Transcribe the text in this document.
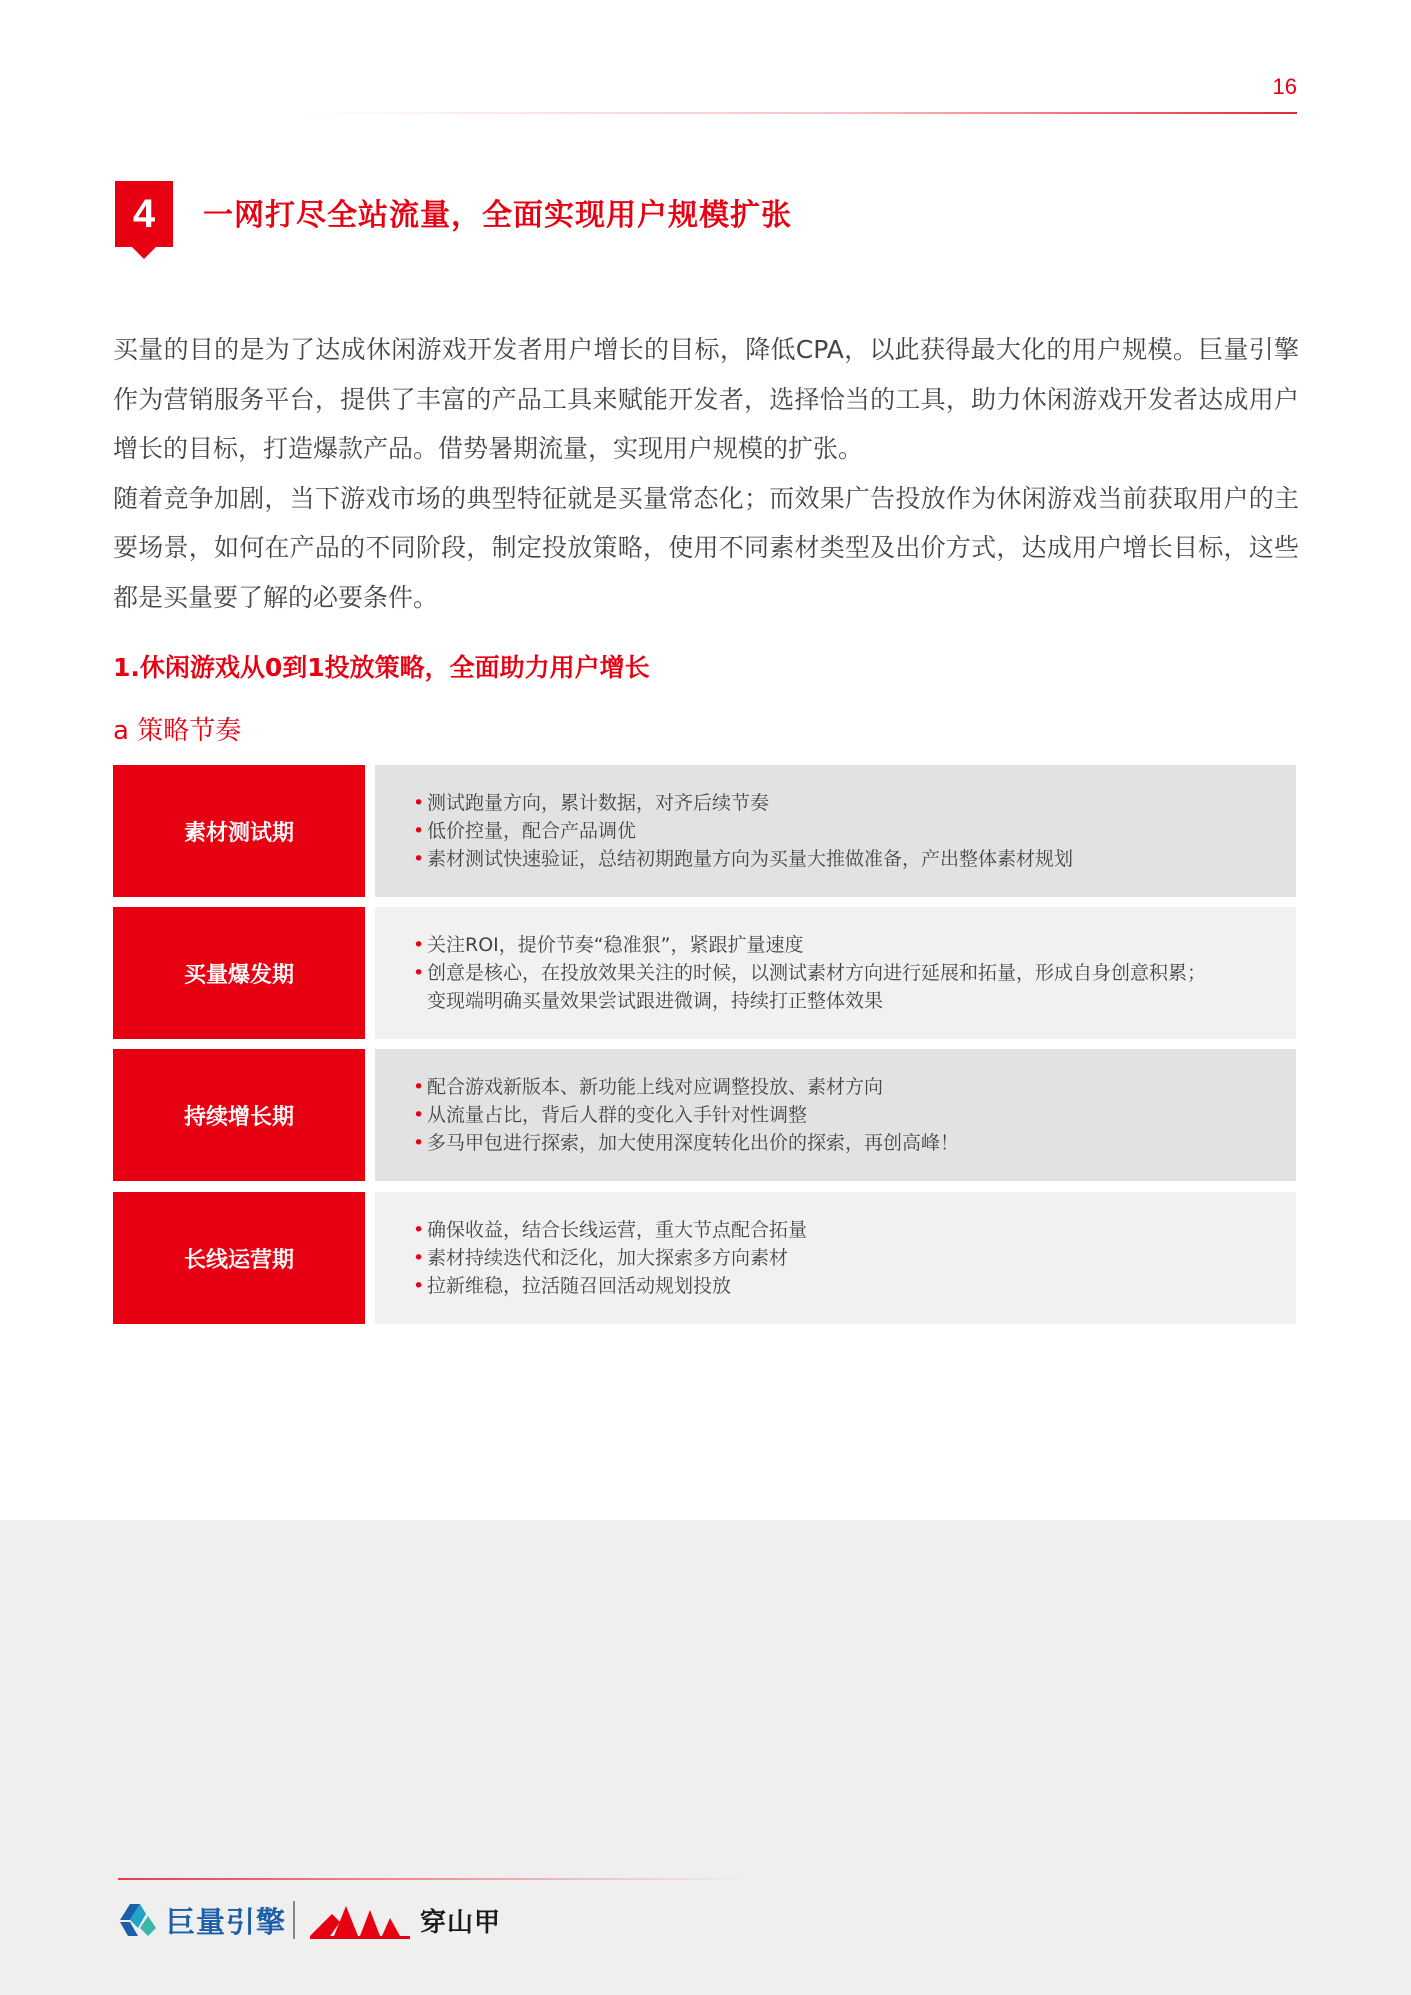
16
4	一网打尽全站流量，全面实现用户规模扩张

买量的目的是为了达成休闲游戏开发者用户增长的目标，降低CPA，以此获得最大化的用户规模。巨量引擎作为营销服务平台，提供了丰富的产品工具来赋能开发者，选择恰当的工具，助力休闲游戏开发者达成用户增长的目标，打造爆款产品。借势暑期流量，实现用户规模的扩张。

随着竞争加剧，当下游戏市场的典型特征就是买量常态化；而效果广告投放作为休闲游戏当前获取用户的主要场景，如何在产品的不同阶段，制定投放策略，使用不同素材类型及出价方式，达成用户增长目标，这些都是买量要了解的必要条件。

1.休闲游戏从0到1投放策略，全面助力用户增长
a 策略节奏
素材测试期
• 测试跑量方向，累计数据，对齐后续节奏
• 低价控量，配合产品调优
• 素材测试快速验证，总结初期跑量方向为买量大推做准备，产出整体素材规划
买量爆发期
• 关注ROI，提价节奏“稳准狠”，紧跟扩量速度
• 创意是核心，在投放效果关注的时候，以测试素材方向进行延展和拓量，形成自身创意积累；
变现端明确买量效果尝试跟进微调，持续打正整体效果
持续增长期
• 配合游戏新版本、新功能上线对应调整投放、素材方向
• 从流量占比，背后人群的变化入手针对性调整
• 多马甲包进行探索，加大使用深度转化出价的探索，再创高峰！
长线运营期
• 确保收益，结合长线运营，重大节点配合拓量
• 素材持续迭代和泛化，加大探索多方向素材
• 拉新维稳，拉活随召回活动规划投放
巨量引擎	穿山甲
